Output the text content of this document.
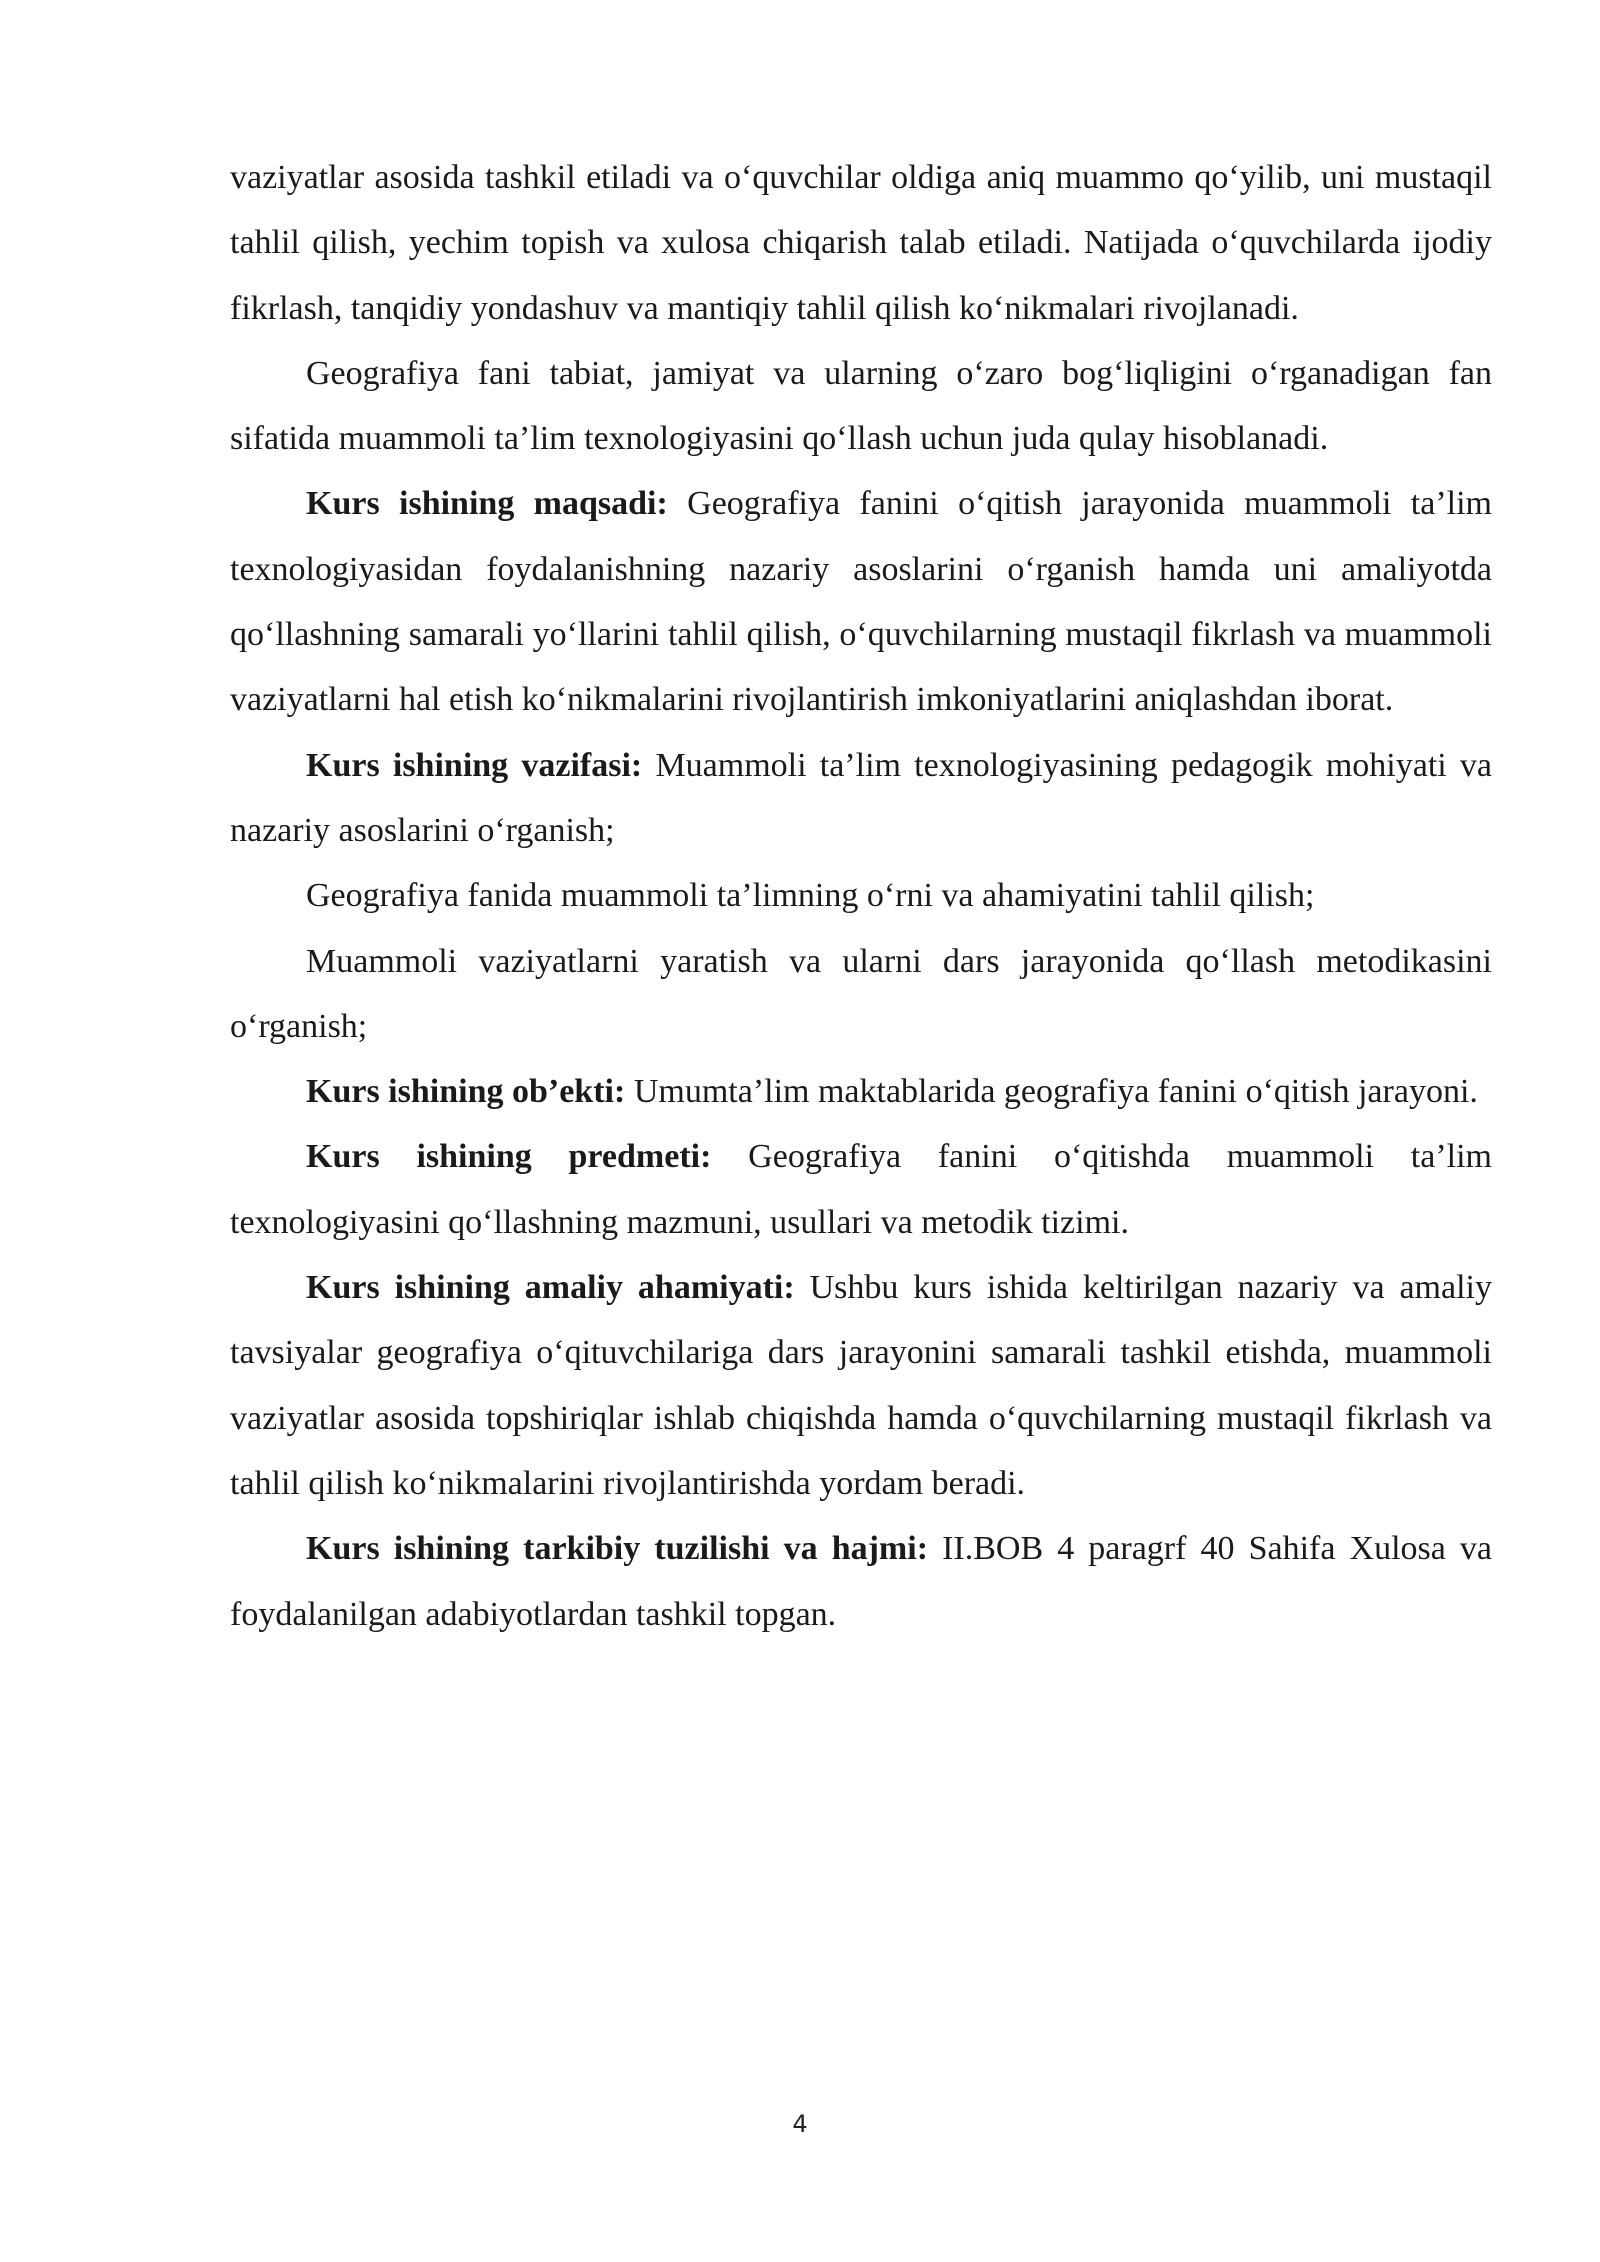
vaziyatlar asosida tashkil etiladi va o‘quvchilar oldiga aniq muammo qo‘yilib, uni mustaqil tahlil qilish, yechim topish va xulosa chiqarish talab etiladi. Natijada o‘quvchilarda ijodiy fikrlash, tanqidiy yondashuv va mantiqiy tahlil qilish ko‘nikmalari rivojlanadi.

Geografiya fani tabiat, jamiyat va ularning o‘zaro bog‘liqligini o‘rganadigan fan sifatida muammoli ta’lim texnologiyasini qo‘llash uchun juda qulay hisoblanadi.

Kurs ishining maqsadi: Geografiya fanini o‘qitish jarayonida muammoli ta’lim texnologiyasidan foydalanishning nazariy asoslarini o‘rganish hamda uni amaliyotda qo‘llashning samarali yo‘llarini tahlil qilish, o‘quvchilarning mustaqil fikrlash va muammoli vaziyatlarni hal etish ko‘nikmalarini rivojlantirish imkoniyatlarini aniqlashdan iborat.

Kurs ishining vazifasi: Muammoli ta’lim texnologiyasining pedagogik mohiyati va nazariy asoslarini o‘rganish;

Geografiya fanida muammoli ta’limning o‘rni va ahamiyatini tahlil qilish;

Muammoli vaziyatlarni yaratish va ularni dars jarayonida qo‘llash metodikasini o‘rganish;

Kurs ishining ob’ekti: Umumta’lim maktablarida geografiya fanini o‘qitish jarayoni.

Kurs ishining predmeti: Geografiya fanini o‘qitishda muammoli ta’lim texnologiyasini qo‘llashning mazmuni, usullari va metodik tizimi.

Kurs ishining amaliy ahamiyati: Ushbu kurs ishida keltirilgan nazariy va amaliy tavsiyalar geografiya o‘qituvchilariga dars jarayonini samarali tashkil etishda, muammoli vaziyatlar asosida topshiriqlar ishlab chiqishda hamda o‘quvchilarning mustaqil fikrlash va tahlil qilish ko‘nikmalarini rivojlantirishda yordam beradi.

Kurs ishining tarkibiy tuzilishi va hajmi: II.BOB 4 paragrf 40 Sahifa Xulosa va foydalanilgan adabiyotlardan tashkil topgan.

4
